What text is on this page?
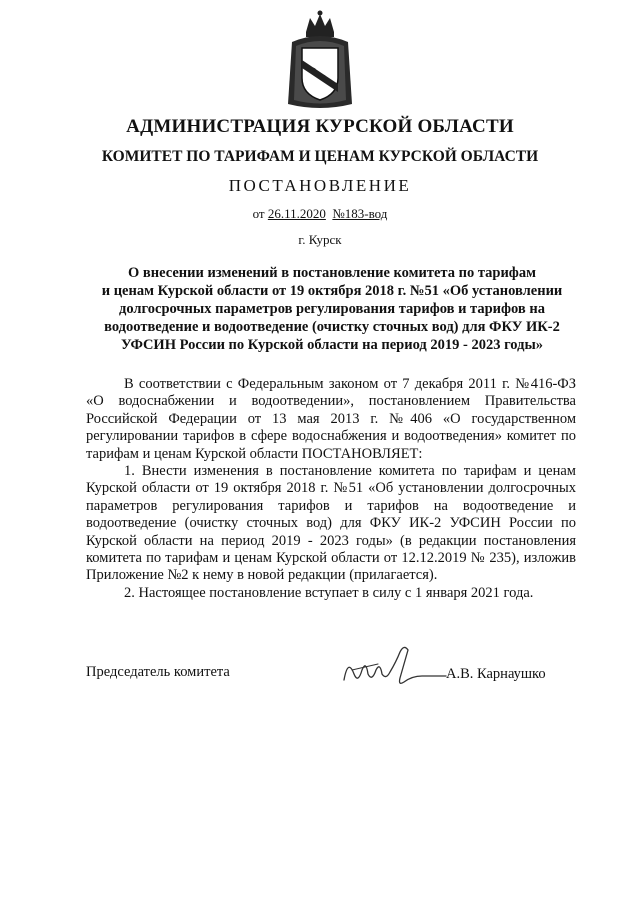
АДМИНИСТРАЦИЯ КУРСКОЙ ОБЛАСТИ
КОМИТЕТ ПО ТАРИФАМ И ЦЕНАМ КУРСКОЙ ОБЛАСТИ
ПОСТАНОВЛЕНИЕ
от 26.11.2020 №183-вод
г. Курск
О внесении изменений в постановление комитета по тарифам
и ценам Курской области от 19 октября 2018 г. №51 «Об установлении
долгосрочных параметров регулирования тарифов и тарифов на
водоотведение и водоотведение (очистку сточных вод) для ФКУ ИК-2
УФСИН России по Курской области на период 2019 - 2023 годы»

В соответствии с Федеральным законом от 7 декабря 2011 г. №416-ФЗ «О водоснабжении и водоотведении», постановлением Правительства Российской Федерации от 13 мая 2013 г. №406 «О государственном регулировании тарифов в сфере водоснабжения и водоотведения» комитет по тарифам и ценам Курской области ПОСТАНОВЛЯЕТ:

1. Внести изменения в постановление комитета по тарифам и ценам Курской области от 19 октября 2018 г. №51 «Об установлении долгосрочных параметров регулирования тарифов и тарифов на водоотведение и водоотведение (очистку сточных вод) для ФКУ ИК-2 УФСИН России по Курской области на период 2019 - 2023 годы» (в редакции постановления комитета по тарифам и ценам Курской области от 12.12.2019 № 235), изложив Приложение №2 к нему в новой редакции (прилагается).

2. Настоящее постановление вступает в силу с 1 января 2021 года.

Председатель комитета	А.В. Карнаушко
